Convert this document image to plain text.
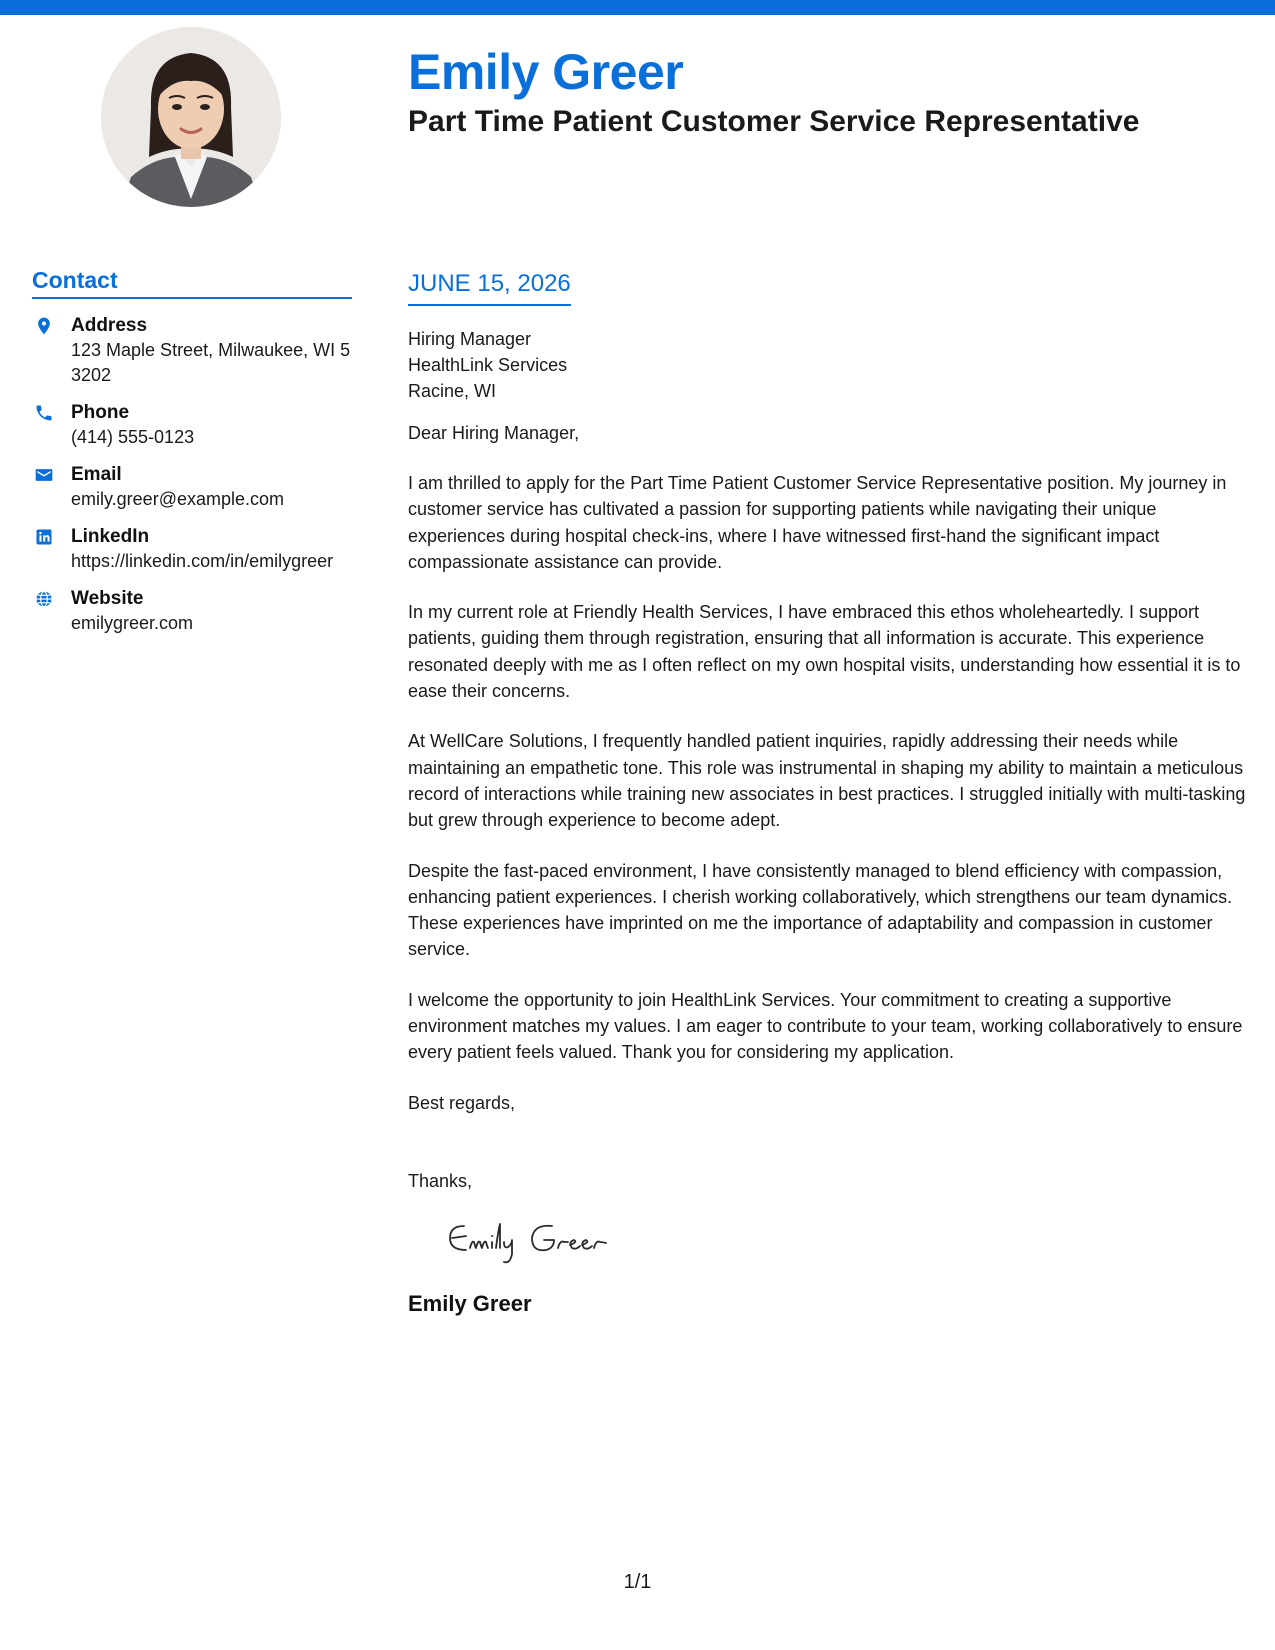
Emily Greer
Part Time Patient Customer Service Representative
Contact
Address
123 Maple Street, Milwaukee, WI 53202
Phone
(414) 555-0123
Email
emily.greer@example.com
LinkedIn
https://linkedin.com/in/emilygreer
Website
emilygreer.com
JUNE 15, 2026
Hiring Manager
HealthLink Services
Racine, WI
Dear Hiring Manager,

I am thrilled to apply for the Part Time Patient Customer Service Representative position. My journey in customer service has cultivated a passion for supporting patients while navigating their unique experiences during hospital check-ins, where I have witnessed first-hand the significant impact compassionate assistance can provide.

In my current role at Friendly Health Services, I have embraced this ethos wholeheartedly. I support patients, guiding them through registration, ensuring that all information is accurate. This experience resonated deeply with me as I often reflect on my own hospital visits, understanding how essential it is to ease their concerns.

At WellCare Solutions, I frequently handled patient inquiries, rapidly addressing their needs while maintaining an empathetic tone. This role was instrumental in shaping my ability to maintain a meticulous record of interactions while training new associates in best practices. I struggled initially with multi-tasking but grew through experience to become adept.

Despite the fast-paced environment, I have consistently managed to blend efficiency with compassion, enhancing patient experiences. I cherish working collaboratively, which strengthens our team dynamics. These experiences have imprinted on me the importance of adaptability and compassion in customer service.

I welcome the opportunity to join HealthLink Services. Your commitment to creating a supportive environment matches my values. I am eager to contribute to your team, working collaboratively to ensure every patient feels valued. Thank you for considering my application.

Best regards,
Thanks,
Emily Greer
1/1
